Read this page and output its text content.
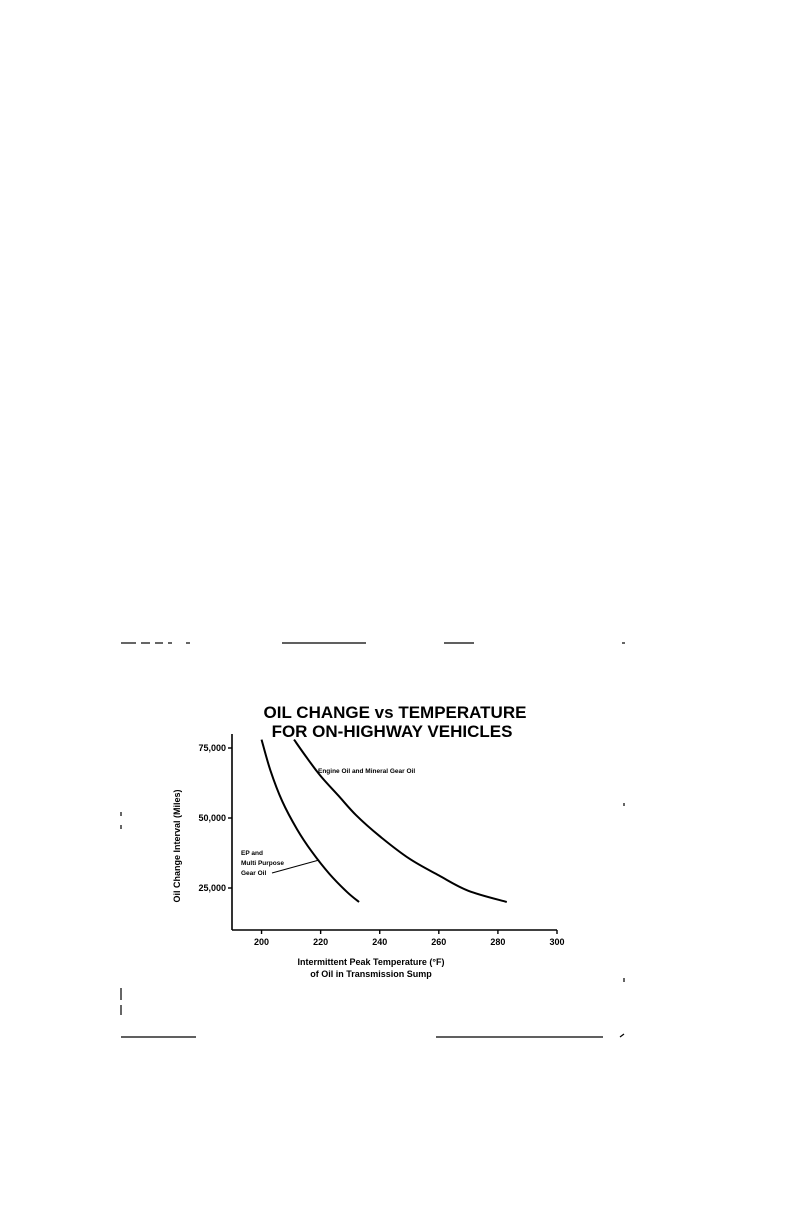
OIL CHANGE vs TEMPERATURE
FOR ON-HIGHWAY VEHICLES
200	220	240	260	280	300
25,000
50,000
75,000
Intermittent Peak Temperature (°F)
of Oil in Transmission Sump
Oil Change Interval (Miles)
Engine Oil and Mineral Gear Oil
EP and
Multi Purpose
Gear Oil
